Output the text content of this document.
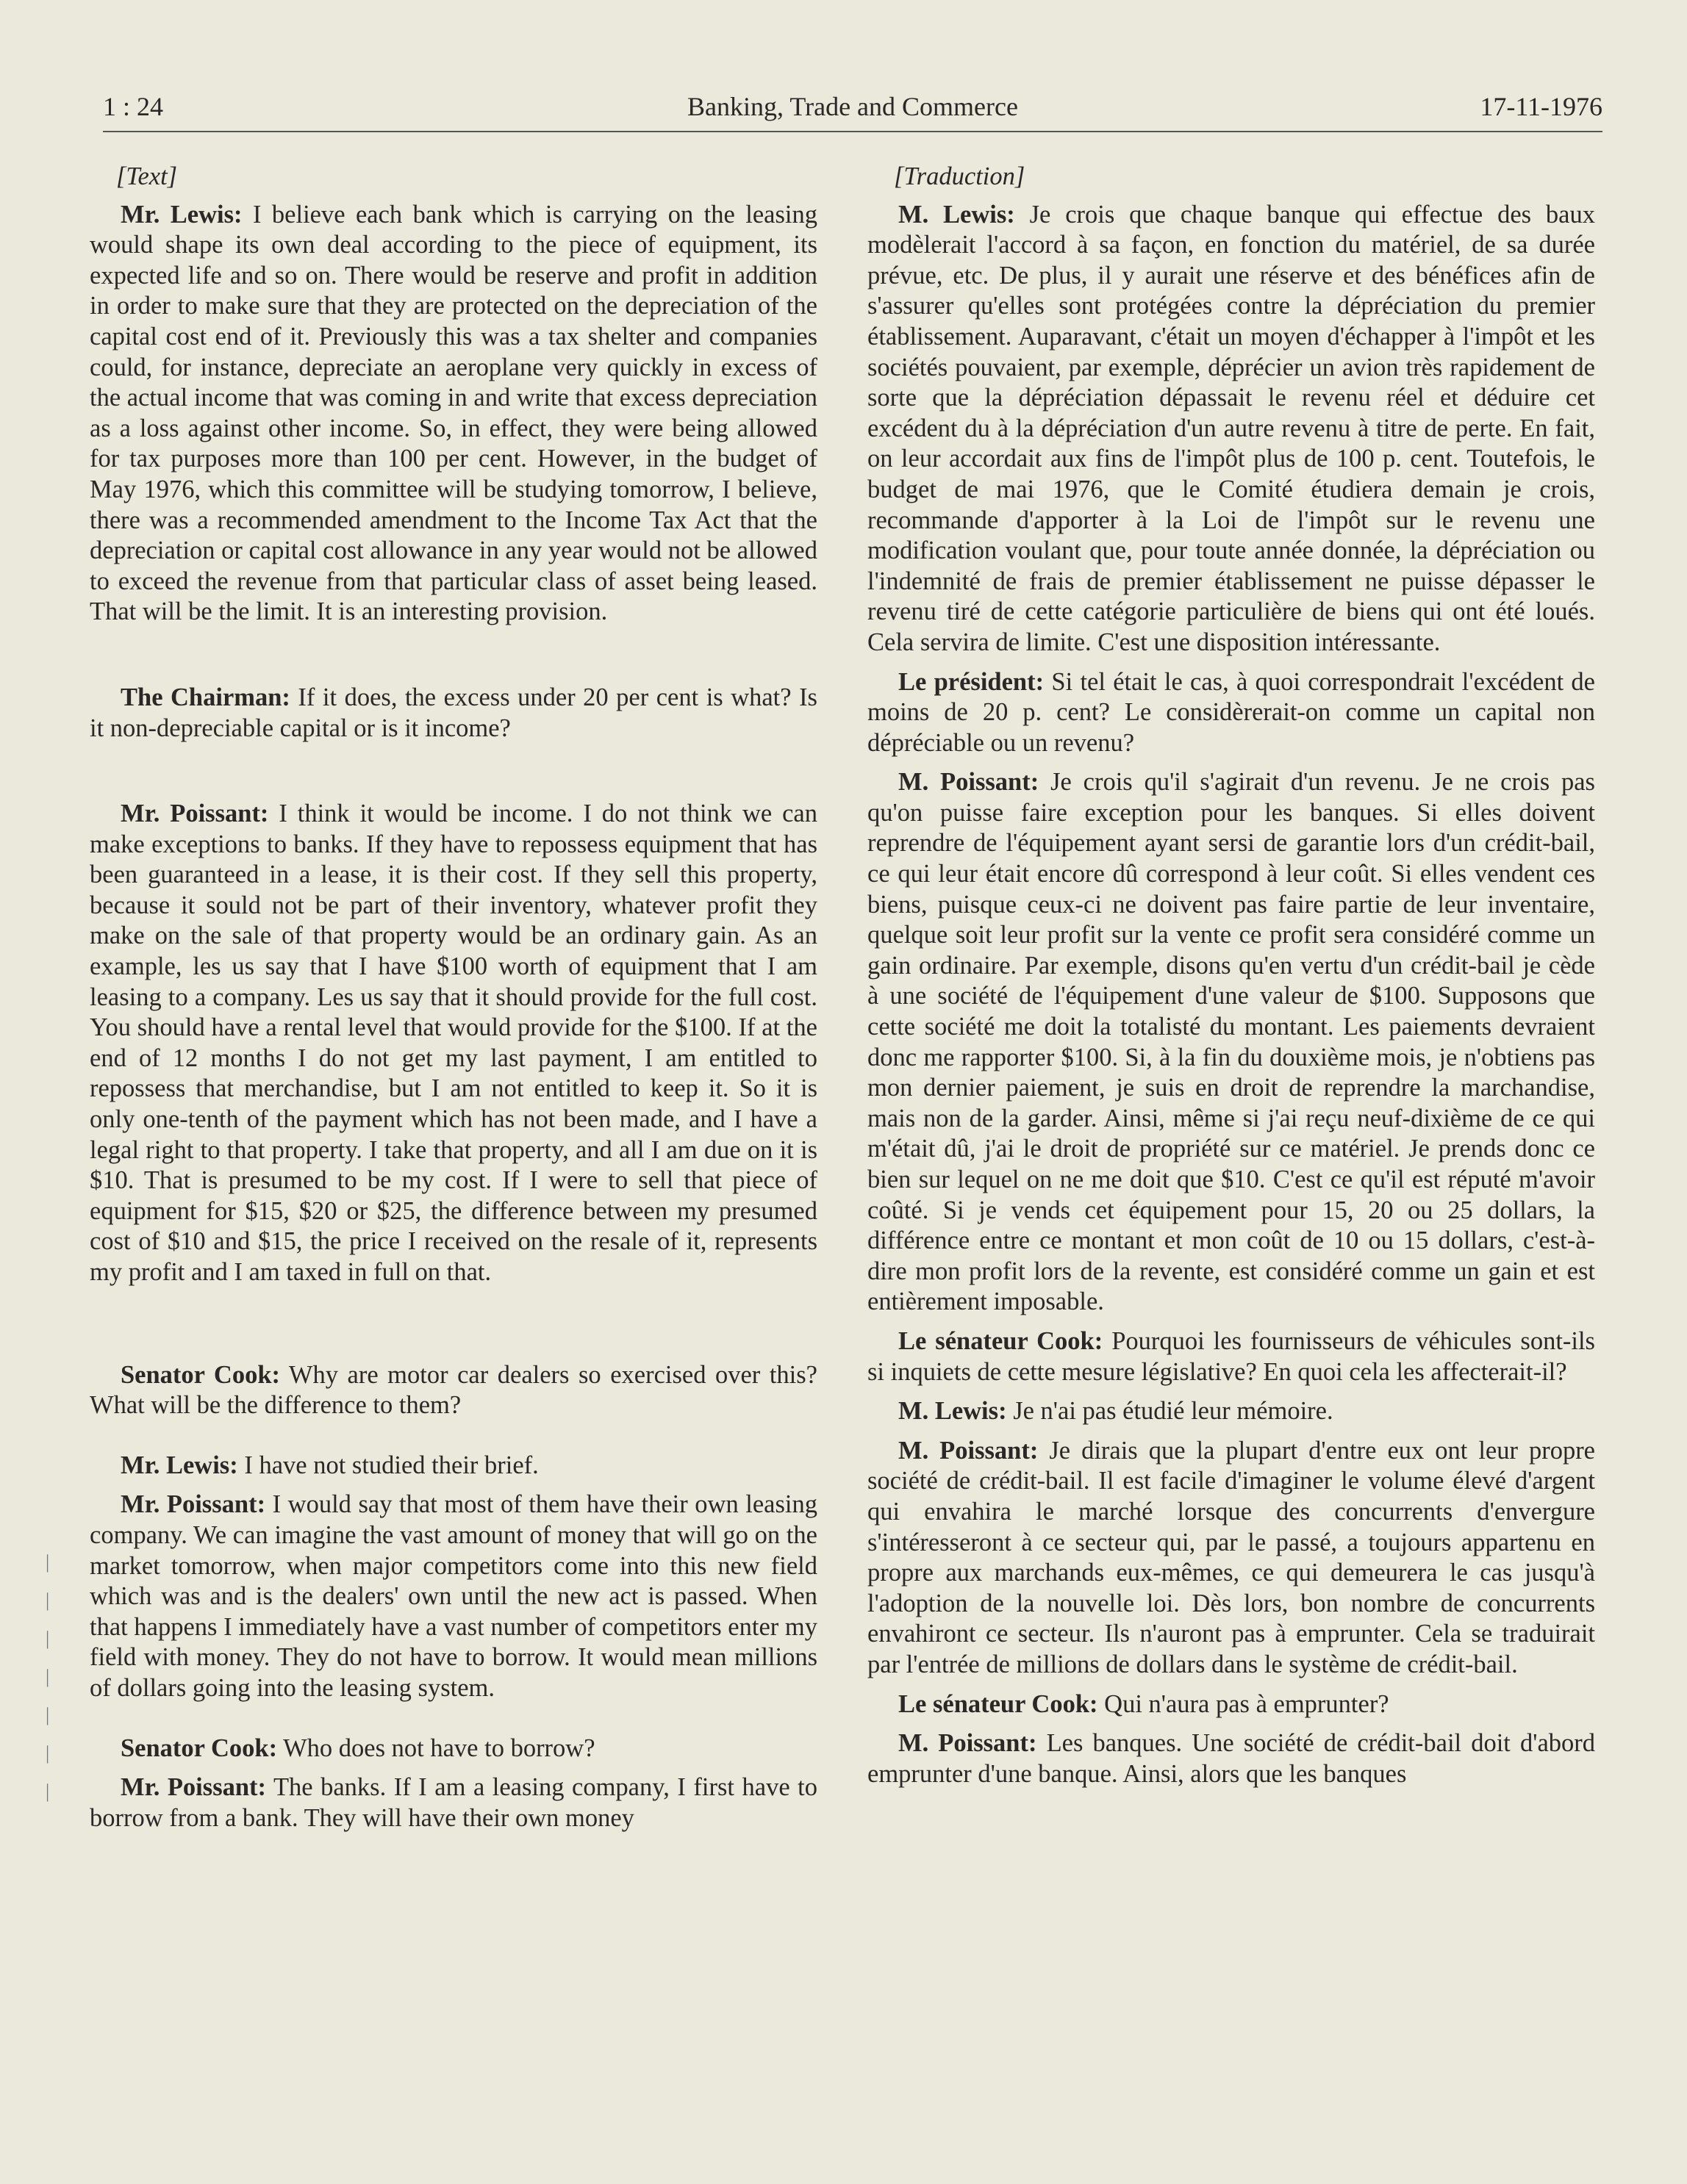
1 : 24	Banking, Trade and Commerce	17-11-1976

[Text]

Mr. Lewis: I believe each bank which is carrying on the leasing would shape its own deal according to the piece of equipment, its expected life and so on. There would be reserve and profit in addition in order to make sure that they are protected on the depreciation of the capital cost end of it. Previously this was a tax shelter and companies could, for instance, depreciate an aeroplane very quickly in excess of the actual income that was coming in and write that excess depreciation as a loss against other income. So, in effect, they were being allowed for tax purposes more than 100 per cent. However, in the budget of May 1976, which this committee will be studying tomorrow, I believe, there was a recommended amendment to the Income Tax Act that the depreciation or capital cost allowance in any year would not be allowed to exceed the revenue from that particular class of asset being leased. That will be the limit. It is an interesting provision.

The Chairman: If it does, the excess under 20 per cent is what? Is it non-depreciable capital or is it income?

Mr. Poissant: I think it would be income. I do not think we can make exceptions to banks. If they have to repossess equipment that has been guaranteed in a lease, it is their cost. If they sell this property, because it sould not be part of their inventory, whatever profit they make on the sale of that property would be an ordinary gain. As an example, les us say that I have $100 worth of equipment that I am leasing to a company. Les us say that it should provide for the full cost. You should have a rental level that would provide for the $100. If at the end of 12 months I do not get my last payment, I am entitled to repossess that merchandise, but I am not entitled to keep it. So it is only one-tenth of the payment which has not been made, and I have a legal right to that property. I take that property, and all I am due on it is $10. That is presumed to be my cost. If I were to sell that piece of equipment for $15, $20 or $25, the difference between my presumed cost of $10 and $15, the price I received on the resale of it, represents my profit and I am taxed in full on that.

Senator Cook: Why are motor car dealers so exercised over this? What will be the difference to them?

Mr. Lewis: I have not studied their brief.

Mr. Poissant: I would say that most of them have their own leasing company. We can imagine the vast amount of money that will go on the market tomorrow, when major competitors come into this new field which was and is the dealers' own until the new act is passed. When that happens I immediately have a vast number of competitors enter my field with money. They do not have to borrow. It would mean millions of dollars going into the leasing system.

Senator Cook: Who does not have to borrow?

Mr. Poissant: The banks. If I am a leasing company, I first have to borrow from a bank. They will have their own money

[Traduction]

M. Lewis: Je crois que chaque banque qui effectue des baux modèlerait l'accord à sa façon, en fonction du matériel, de sa durée prévue, etc. De plus, il y aurait une réserve et des bénéfices afin de s'assurer qu'elles sont protégées contre la dépréciation du premier établissement. Auparavant, c'était un moyen d'échapper à l'impôt et les sociétés pouvaient, par exemple, déprécier un avion très rapidement de sorte que la dépréciation dépassait le revenu réel et déduire cet excédent du à la dépréciation d'un autre revenu à titre de perte. En fait, on leur accordait aux fins de l'impôt plus de 100 p. cent. Toutefois, le budget de mai 1976, que le Comité étudiera demain je crois, recommande d'apporter à la Loi de l'impôt sur le revenu une modification voulant que, pour toute année donnée, la dépréciation ou l'indemnité de frais de premier établissement ne puisse dépasser le revenu tiré de cette catégorie particulière de biens qui ont été loués. Cela servira de limite. C'est une disposition intéressante.

Le président: Si tel était le cas, à quoi correspondrait l'excédent de moins de 20 p. cent? Le considèrerait-on comme un capital non dépréciable ou un revenu?

M. Poissant: Je crois qu'il s'agirait d'un revenu. Je ne crois pas qu'on puisse faire exception pour les banques. Si elles doivent reprendre de l'équipement ayant sersi de garantie lors d'un crédit-bail, ce qui leur était encore dû correspond à leur coût. Si elles vendent ces biens, puisque ceux-ci ne doivent pas faire partie de leur inventaire, quelque soit leur profit sur la vente ce profit sera considéré comme un gain ordinaire. Par exemple, disons qu'en vertu d'un crédit-bail je cède à une société de l'équipement d'une valeur de $100. Supposons que cette société me doit la totalisté du montant. Les paiements devraient donc me rapporter $100. Si, à la fin du douxième mois, je n'obtiens pas mon dernier paiement, je suis en droit de reprendre la marchandise, mais non de la garder. Ainsi, même si j'ai reçu neuf-dixième de ce qui m'était dû, j'ai le droit de propriété sur ce matériel. Je prends donc ce bien sur lequel on ne me doit que $10. C'est ce qu'il est réputé m'avoir coûté. Si je vends cet équipement pour 15, 20 ou 25 dollars, la différence entre ce montant et mon coût de 10 ou 15 dollars, c'est-à-dire mon profit lors de la revente, est considéré comme un gain et est entièrement imposable.

Le sénateur Cook: Pourquoi les fournisseurs de véhicules sont-ils si inquiets de cette mesure législative? En quoi cela les affecterait-il?

M. Lewis: Je n'ai pas étudié leur mémoire.

M. Poissant: Je dirais que la plupart d'entre eux ont leur propre société de crédit-bail. Il est facile d'imaginer le volume élevé d'argent qui envahira le marché lorsque des concurrents d'envergure s'intéresseront à ce secteur qui, par le passé, a toujours appartenu en propre aux marchands eux-mêmes, ce qui demeurera le cas jusqu'à l'adoption de la nouvelle loi. Dès lors, bon nombre de concurrents envahiront ce secteur. Ils n'auront pas à emprunter. Cela se traduirait par l'entrée de millions de dollars dans le système de crédit-bail.

Le sénateur Cook: Qui n'aura pas à emprunter?

M. Poissant: Les banques. Une société de crédit-bail doit d'abord emprunter d'une banque. Ainsi, alors que les banques

|
|
|
|
|
|
|
